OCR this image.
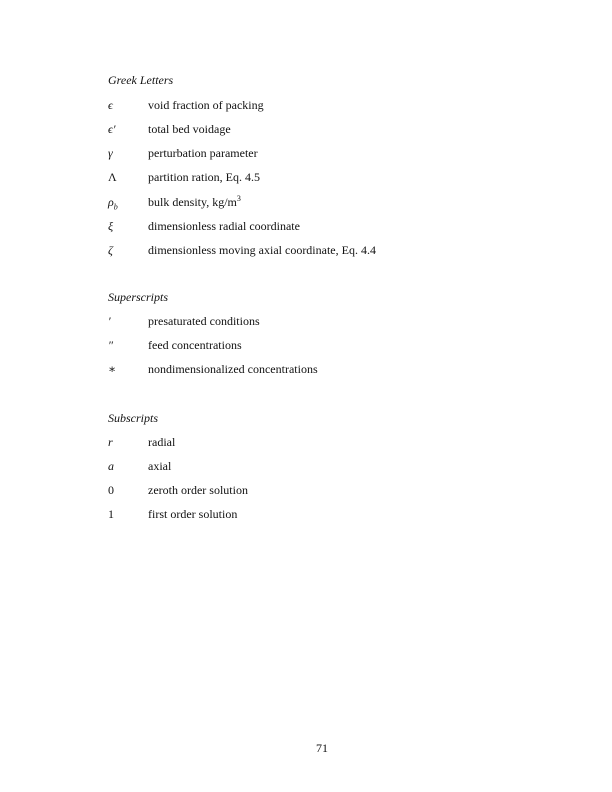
Greek Letters
ϵ	void fraction of packing
ϵ′	total bed voidage
γ	perturbation parameter
Λ	partition ration, Eq. 4.5
$\rho_b$	bulk density, $kg/m^3$
ξ	dimensionless radial coordinate
ζ	dimensionless moving axial coordinate, Eq. 4.4
Superscripts
′	presaturated conditions
″	feed concentrations
∗	nondimensionalized concentrations
Subscripts
r	radial
a	axial
0	zeroth order solution
1	first order solution
71
